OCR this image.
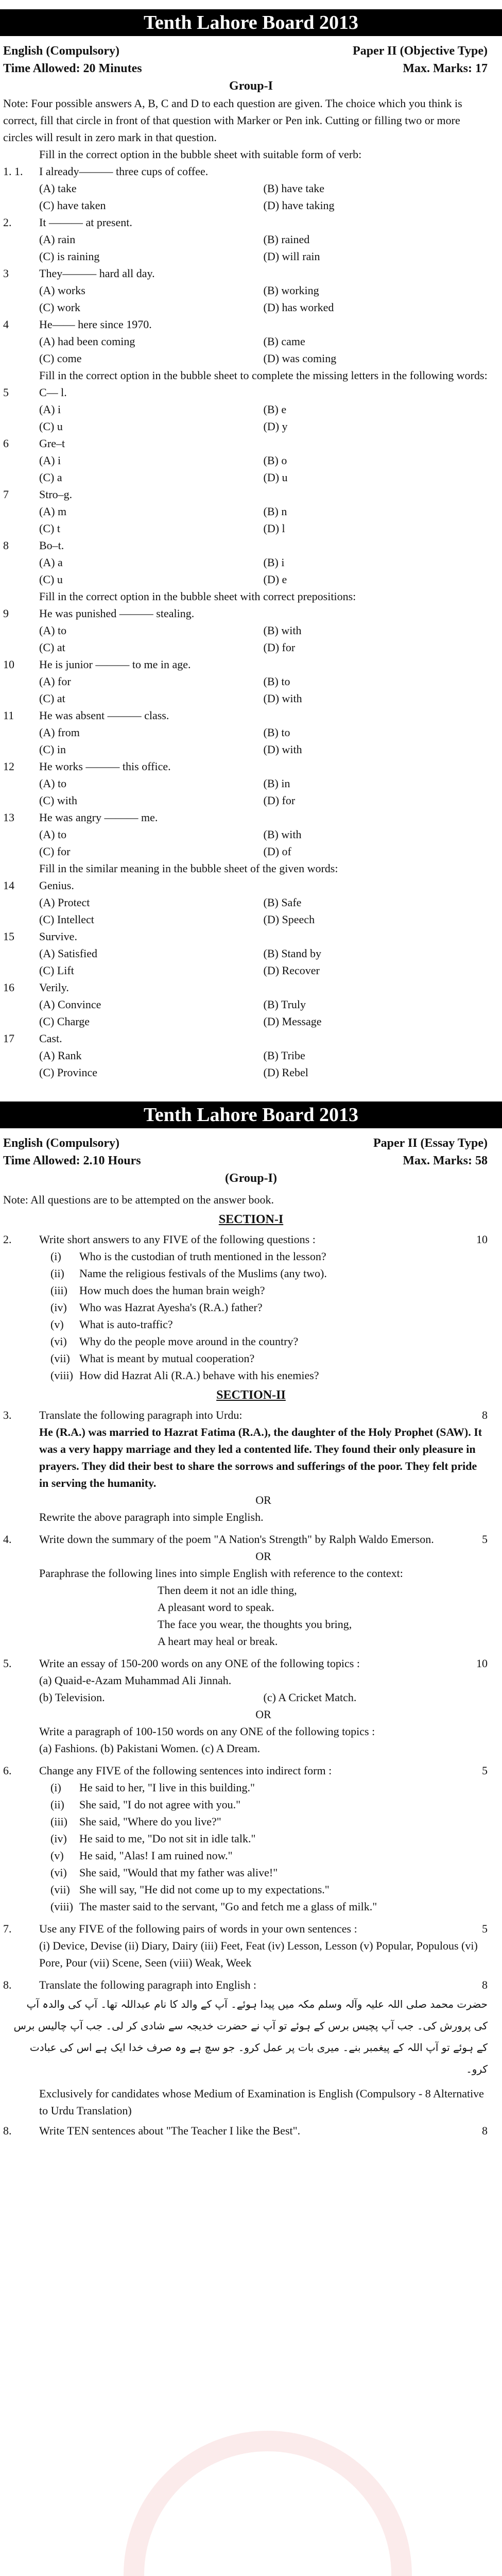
Tenth Lahore Board 2013
English (Compulsory)	Paper II (Objective Type)
Time Allowed: 20 Minutes	Max. Marks: 17
Group-I
Note: Four possible answers A, B, C and D to each question are given. The choice which you think is correct, fill that circle in front of that question with Marker or Pen ink. Cutting or filling two or more circles will result in zero mark in that question.
Fill in the correct option in the bubble sheet with suitable form of verb:
1. 1.	I already——— three cups of coffee.
(A) take	(B) have take
(C) have taken	(D) have taking
2.	It ——— at present.
(A) rain	(B) rained
(C) is raining	(D) will rain
3	They——— hard all day.
(A) works	(B) working
(C) work	(D) has worked
4	He—— here since 1970.
(A) had been coming	(B) came
(C) come	(D) was coming
Fill in the correct option in the bubble sheet to complete the missing letters in the following words:
5	C— l.
(A) i	(B) e
(C) u	(D) y
6	Gre–t
(A) i	(B) o
(C) a	(D) u
7	Stro–g.
(A) m	(B) n
(C) t	(D) l
8	Bo–t.
(A) a	(B) i
(C) u	(D) e
Fill in the correct option in the bubble sheet with correct prepositions:
9	He was punished ——— stealing.
(A) to	(B) with
(C) at	(D) for
10	He is junior ——— to me in age.
(A) for	(B) to
(C) at	(D) with
11	He was absent ——— class.
(A) from	(B) to
(C) in	(D) with
12	He works ——— this office.
(A) to	(B) in
(C) with	(D) for
13	He was angry ——— me.
(A) to	(B) with
(C) for	(D) of
Fill in the similar meaning in the bubble sheet of the given words:
14	Genius.
(A) Protect	(B) Safe
(C) Intellect	(D) Speech
15	Survive.
(A) Satisfied	(B) Stand by
(C) Lift	(D) Recover
16	Verily.
(A) Convince	(B) Truly
(C) Charge	(D) Message
17	Cast.
(A) Rank	(B) Tribe
(C) Province	(D) Rebel
Tenth Lahore Board 2013
English (Compulsory)	Paper II (Essay Type)
Time Allowed: 2.10 Hours	Max. Marks: 58
(Group-I)
Note: All questions are to be attempted on the answer book.
SECTION-I
2.	Write short answers to any FIVE of the following questions :	10
(i) Who is the custodian of truth mentioned in the lesson?
(ii) Name the religious festivals of the Muslims (any two).
(iii) How much does the human brain weigh?
(iv) Who was Hazrat Ayesha's (R.A.) father?
(v) What is auto-traffic?
(vi) Why do the people move around in the country?
(vii) What is meant by mutual cooperation?
(viii) How did Hazrat Ali (R.A.) behave with his enemies?
SECTION-II
3.	Translate the following paragraph into Urdu:	8
He (R.A.) was married to Hazrat Fatima (R.A.), the daughter of the Holy Prophet (SAW). It was a very happy marriage and they led a contented life. They found their only pleasure in prayers. They did their best to share the sorrows and sufferings of the poor. They felt pride in serving the humanity.
OR
Rewrite the above paragraph into simple English.
4.	Write down the summary of the poem "A Nation's Strength" by Ralph Waldo Emerson.	5
OR
Paraphrase the following lines into simple English with reference to the context:
Then deem it not an idle thing,
A pleasant word to speak.
The face you wear, the thoughts you bring,
A heart may heal or break.
5.	Write an essay of 150-200 words on any ONE of the following topics :	10
(a) Quaid-e-Azam Muhammad Ali Jinnah.
(b) Television.	(c) A Cricket Match.
OR
Write a paragraph of 100-150 words on any ONE of the following topics :
(a) Fashions. (b) Pakistani Women. (c) A Dream.
6.	Change any FIVE of the following sentences into indirect form :	5
(i) He said to her, "I live in this building."
(ii) She said, "I do not agree with you."
(iii) She said, "Where do you live?"
(iv) He said to me, "Do not sit in idle talk."
(v) He said, "Alas! I am ruined now."
(vi) She said, "Would that my father was alive!"
(vii) She will say, "He did not come up to my expectations."
(viii) The master said to the servant, "Go and fetch me a glass of milk."
7.	Use any FIVE of the following pairs of words in your own sentences :	5
(i) Device, Devise (ii) Diary, Dairy (iii) Feet, Feat (iv) Lesson, Lesson (v) Popular, Populous (vi) Pore, Pour (vii) Scene, Seen (viii) Weak, Week
8.	Translate the following paragraph into English :	8
حضرت محمد صلی اللہ علیہ وآلہ وسلم مکہ میں پیدا ہوئے۔ آپ کے والد کا نام عبداللہ تھا۔ آپ کی والدہ آپ کی پرورش کی۔ جب آپ پچیس برس کے ہوئے تو آپ نے حضرت خدیجہ سے شادی کر لی۔ جب آپ چالیس برس کے ہوئے تو آپ اللہ کے پیغمبر بنے۔ میری بات پر عمل کرو۔ جو سچ ہے وہ صرف خدا ایک ہے اس کی عبادت کرو۔
Exclusively for candidates whose Medium of Examination is English (Compulsory - 8 Alternative to Urdu Translation)
8.	Write TEN sentences about "The Teacher I like the Best".	8
